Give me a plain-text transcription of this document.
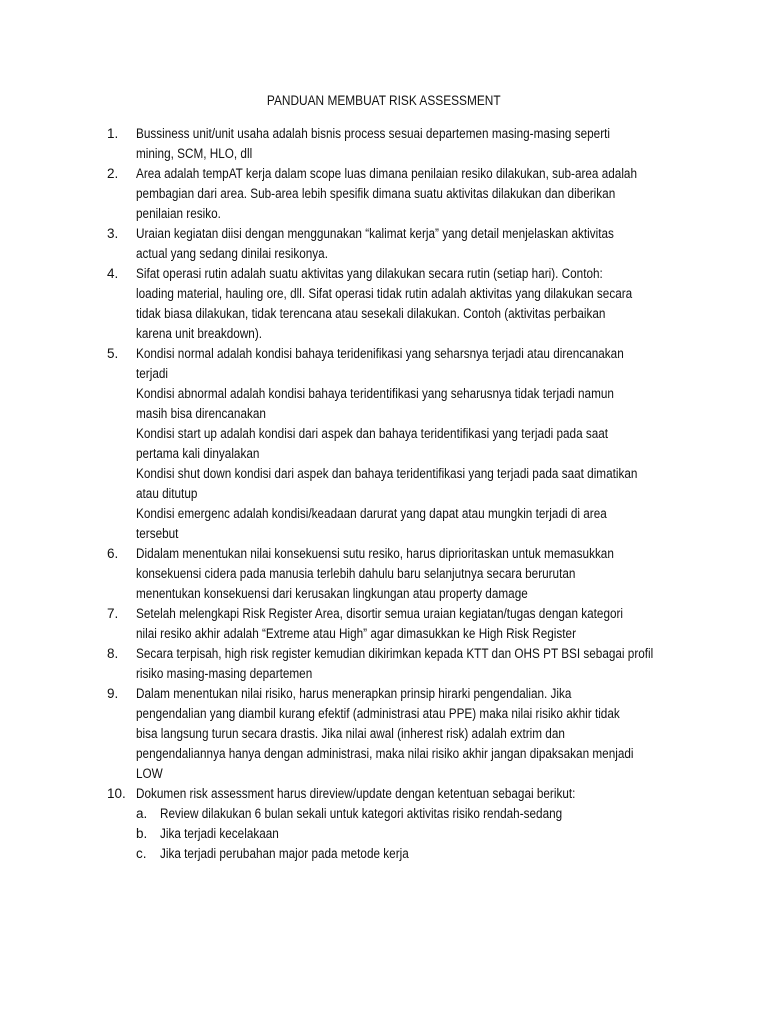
PANDUAN MEMBUAT RISK ASSESSMENT
1.	Bussiness unit/unit usaha adalah bisnis process sesuai departemen masing-masing seperti
mining, SCM, HLO, dll
2.	Area adalah tempAT kerja dalam scope luas dimana penilaian resiko dilakukan, sub-area adalah
pembagian dari area. Sub-area lebih spesifik dimana suatu aktivitas dilakukan dan diberikan
penilaian resiko.
3.	Uraian kegiatan diisi dengan menggunakan “kalimat kerja” yang detail menjelaskan aktivitas
actual yang sedang dinilai resikonya.
4.	Sifat operasi rutin adalah suatu aktivitas yang dilakukan secara rutin (setiap hari). Contoh:
loading material, hauling ore, dll. Sifat operasi tidak rutin adalah aktivitas yang dilakukan secara
tidak biasa dilakukan, tidak terencana atau sesekali dilakukan. Contoh (aktivitas perbaikan
karena unit breakdown).
5.	Kondisi normal adalah kondisi bahaya teridenifikasi yang seharsnya terjadi atau direncanakan
terjadi
Kondisi abnormal adalah kondisi bahaya teridentifikasi yang seharusnya tidak terjadi namun
masih bisa direncanakan
Kondisi start up adalah kondisi dari aspek dan bahaya teridentifikasi yang terjadi pada saat
pertama kali dinyalakan
Kondisi shut down kondisi dari aspek dan bahaya teridentifikasi yang terjadi pada saat dimatikan
atau ditutup
Kondisi emergenc adalah kondisi/keadaan darurat yang dapat atau mungkin terjadi di area
tersebut
6.	Didalam menentukan nilai konsekuensi sutu resiko, harus diprioritaskan untuk memasukkan
konsekuensi cidera pada manusia terlebih dahulu baru selanjutnya secara berurutan
menentukan konsekuensi dari kerusakan lingkungan atau property damage
7.	Setelah melengkapi Risk Register Area, disortir semua uraian kegiatan/tugas dengan kategori
nilai resiko akhir adalah “Extreme atau High” agar dimasukkan ke High Risk Register
8.	Secara terpisah, high risk register kemudian dikirimkan kepada KTT dan OHS PT BSI sebagai profil
risiko masing-masing departemen
9.	Dalam menentukan nilai risiko, harus menerapkan prinsip hirarki pengendalian. Jika
pengendalian yang diambil kurang efektif (administrasi atau PPE) maka nilai risiko akhir tidak
bisa langsung turun secara drastis. Jika nilai awal (inherest risk) adalah extrim dan
pengendaliannya hanya dengan administrasi, maka nilai risiko akhir jangan dipaksakan menjadi
LOW
10. Dokumen risk assessment harus direview/update dengan ketentuan sebagai berikut:
a. Review dilakukan 6 bulan sekali untuk kategori aktivitas risiko rendah-sedang
b. Jika terjadi kecelakaan
c. Jika terjadi perubahan major pada metode kerja
